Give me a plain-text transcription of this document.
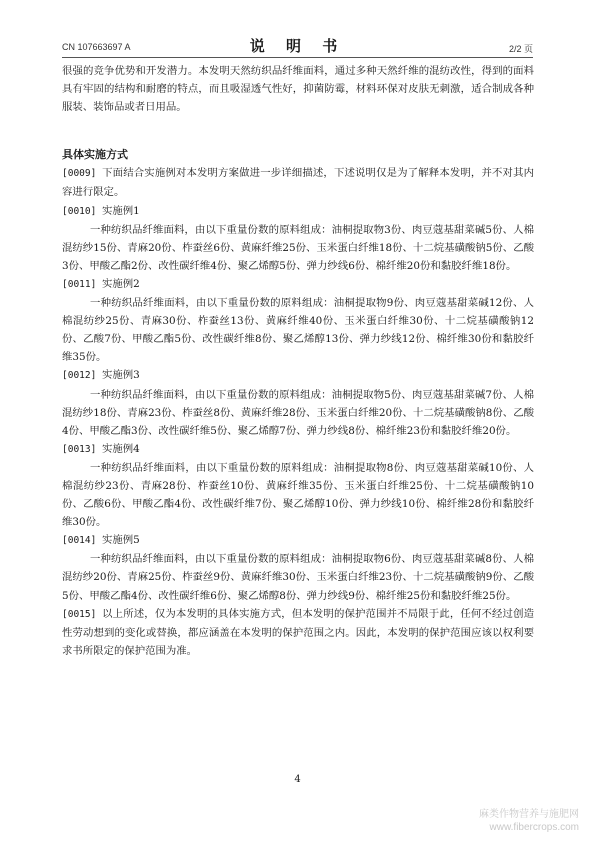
CN 107663697 A	说 明 书	2/2 页

很强的竞争优势和开发潜力。本发明天然纺织品纤维面料，通过多种天然纤维的混纺改性，得到的面料具有牢固的结构和耐磨的特点，而且吸湿透气性好，抑菌防霉，材料环保对皮肤无刺激，适合制成各种服装、装饰品或者日用品。

具体实施方式

[0009] 下面结合实施例对本发明方案做进一步详细描述，下述说明仅是为了解释本发明，并不对其内容进行限定。

[0010] 实施例1

一种纺织品纤维面料，由以下重量份数的原料组成：油桐提取物3份、肉豆蔻基甜菜碱5份、人棉混纺纱15份、青麻20份、柞蚕丝6份、黄麻纤维25份、玉米蛋白纤维18份、十二烷基磺酸钠5份、乙酸3份、甲酸乙酯2份、改性碳纤维4份、聚乙烯醇5份、弹力纱线6份、棉纤维20份和黏胶纤维18份。

[0011] 实施例2

一种纺织品纤维面料，由以下重量份数的原料组成：油桐提取物9份、肉豆蔻基甜菜碱12份、人棉混纺纱25份、青麻30份、柞蚕丝13份、黄麻纤维40份、玉米蛋白纤维30份、十二烷基磺酸钠12份、乙酸7份、甲酸乙酯5份、改性碳纤维8份、聚乙烯醇13份、弹力纱线12份、棉纤维30份和黏胶纤维35份。

[0012] 实施例3

一种纺织品纤维面料，由以下重量份数的原料组成：油桐提取物5份、肉豆蔻基甜菜碱7份、人棉混纺纱18份、青麻23份、柞蚕丝8份、黄麻纤维28份、玉米蛋白纤维20份、十二烷基磺酸钠8份、乙酸4份、甲酸乙酯3份、改性碳纤维5份、聚乙烯醇7份、弹力纱线8份、棉纤维23份和黏胶纤维20份。

[0013] 实施例4

一种纺织品纤维面料，由以下重量份数的原料组成：油桐提取物8份、肉豆蔻基甜菜碱10份、人棉混纺纱23份、青麻28份、柞蚕丝10份、黄麻纤维35份、玉米蛋白纤维25份、十二烷基磺酸钠10份、乙酸6份、甲酸乙酯4份、改性碳纤维7份、聚乙烯醇10份、弹力纱线10份、棉纤维28份和黏胶纤维30份。

[0014] 实施例5

一种纺织品纤维面料，由以下重量份数的原料组成：油桐提取物6份、肉豆蔻基甜菜碱8份、人棉混纺纱20份、青麻25份、柞蚕丝9份、黄麻纤维30份、玉米蛋白纤维23份、十二烷基磺酸钠9份、乙酸5份、甲酸乙酯4份、改性碳纤维6份、聚乙烯醇8份、弹力纱线9份、棉纤维25份和黏胶纤维25份。

[0015] 以上所述，仅为本发明的具体实施方式，但本发明的保护范围并不局限于此，任何不经过创造性劳动想到的变化或替换，都应涵盖在本发明的保护范围之内。因此，本发明的保护范围应该以权利要求书所限定的保护范围为准。

4
麻类作物营养与施肥网
www.fibercrops.com
